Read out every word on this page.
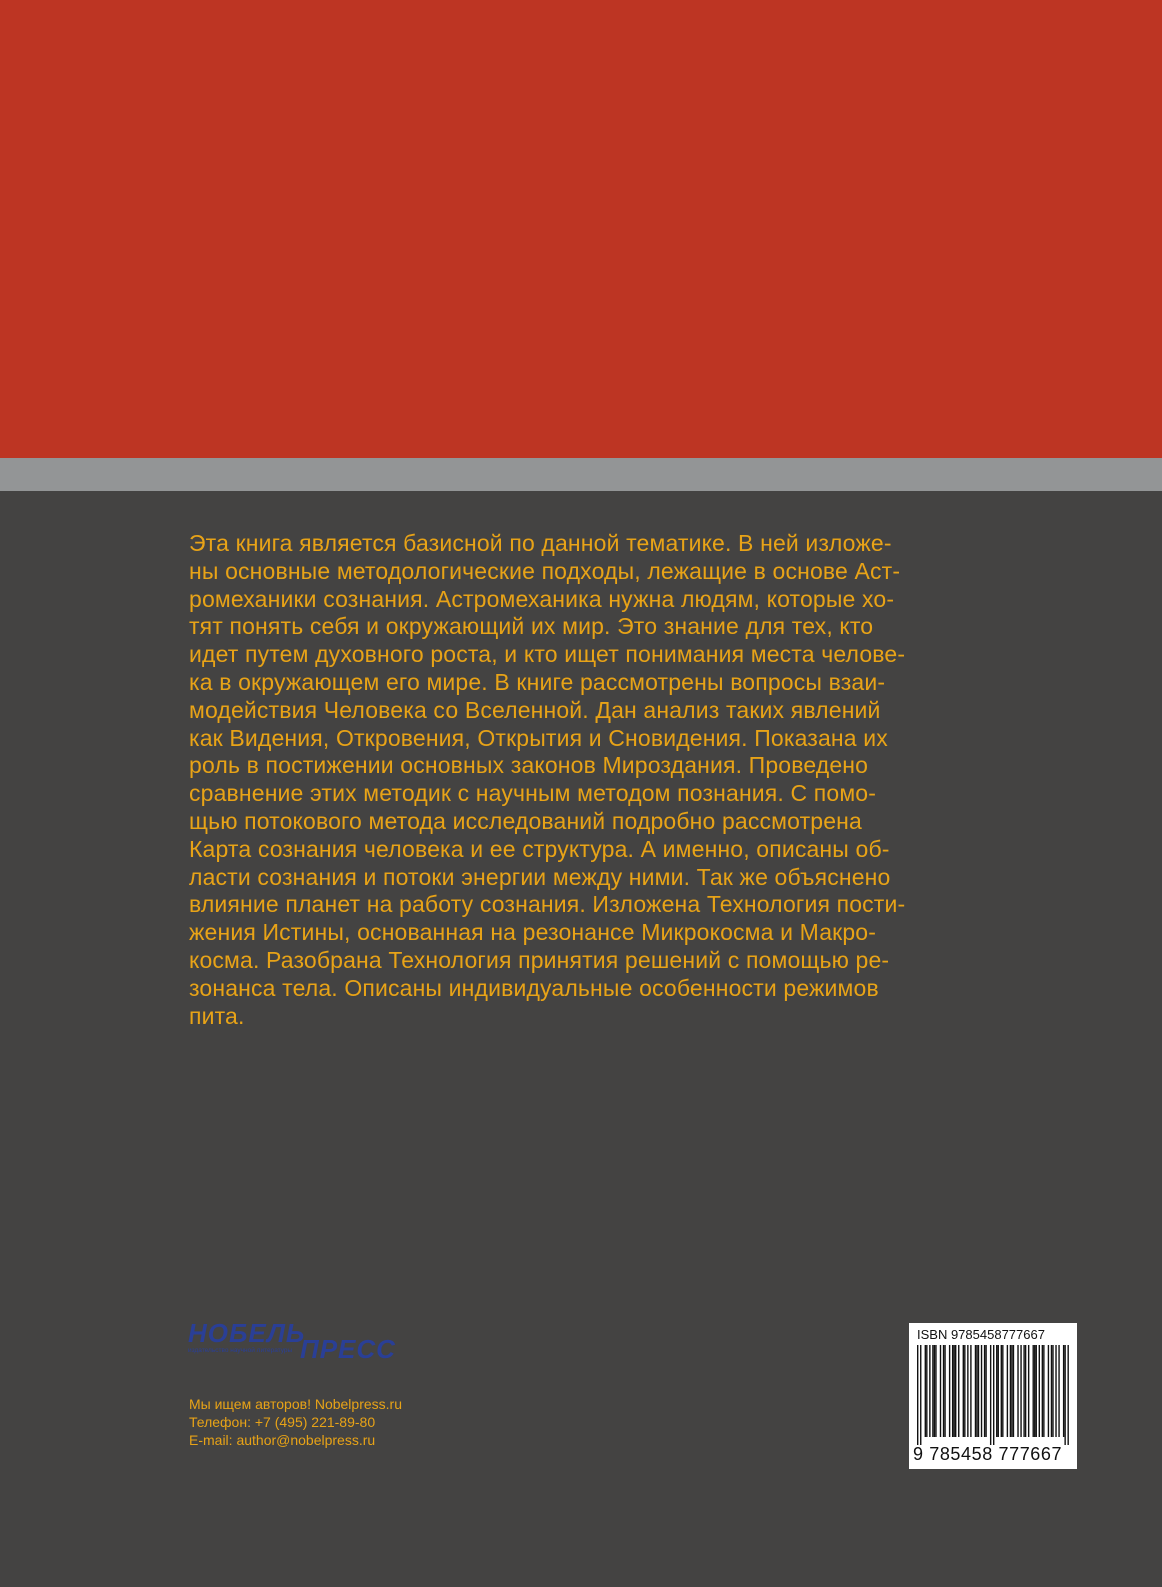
Эта книга является базисной по данной тематике. В ней изложе-
ны основные методологические подходы, лежащие в основе Аст-
ромеханики сознания. Астромеханика нужна людям, которые хо-
тят понять себя и окружающий их мир. Это знание для тех, кто
идет путем духовного роста, и кто ищет понимания места челове-
ка в окружающем его мире. В книге рассмотрены вопросы взаи-
модействия Человека со Вселенной. Дан анализ таких явлений
как Видения, Откровения, Открытия и Сновидения. Показана их
роль в постижении основных законов Мироздания. Проведено
сравнение этих методик с научным методом познания. С помо-
щью потокового метода исследований подробно рассмотрена
Карта сознания человека и ее структура. А именно, описаны об-
ласти сознания и потоки энергии между ними. Так же объяснено
влияние планет на работу сознания. Изложена Технология пости-
жения Истины, основанная на резонансе Микрокосма и Макро-
косма. Разобрана Технология принятия решений с помощью ре-
зонанса тела. Описаны индивидуальные особенности режимов
пита.
НОБЕЛЬ
издательство научной литературы ПРЕСС
Мы ищем авторов! Nobelpress.ru
Телефон: +7 (495) 221-89-80
E-mail: author@nobelpress.ru
ISBN 9785458777667
9 785458 777667
